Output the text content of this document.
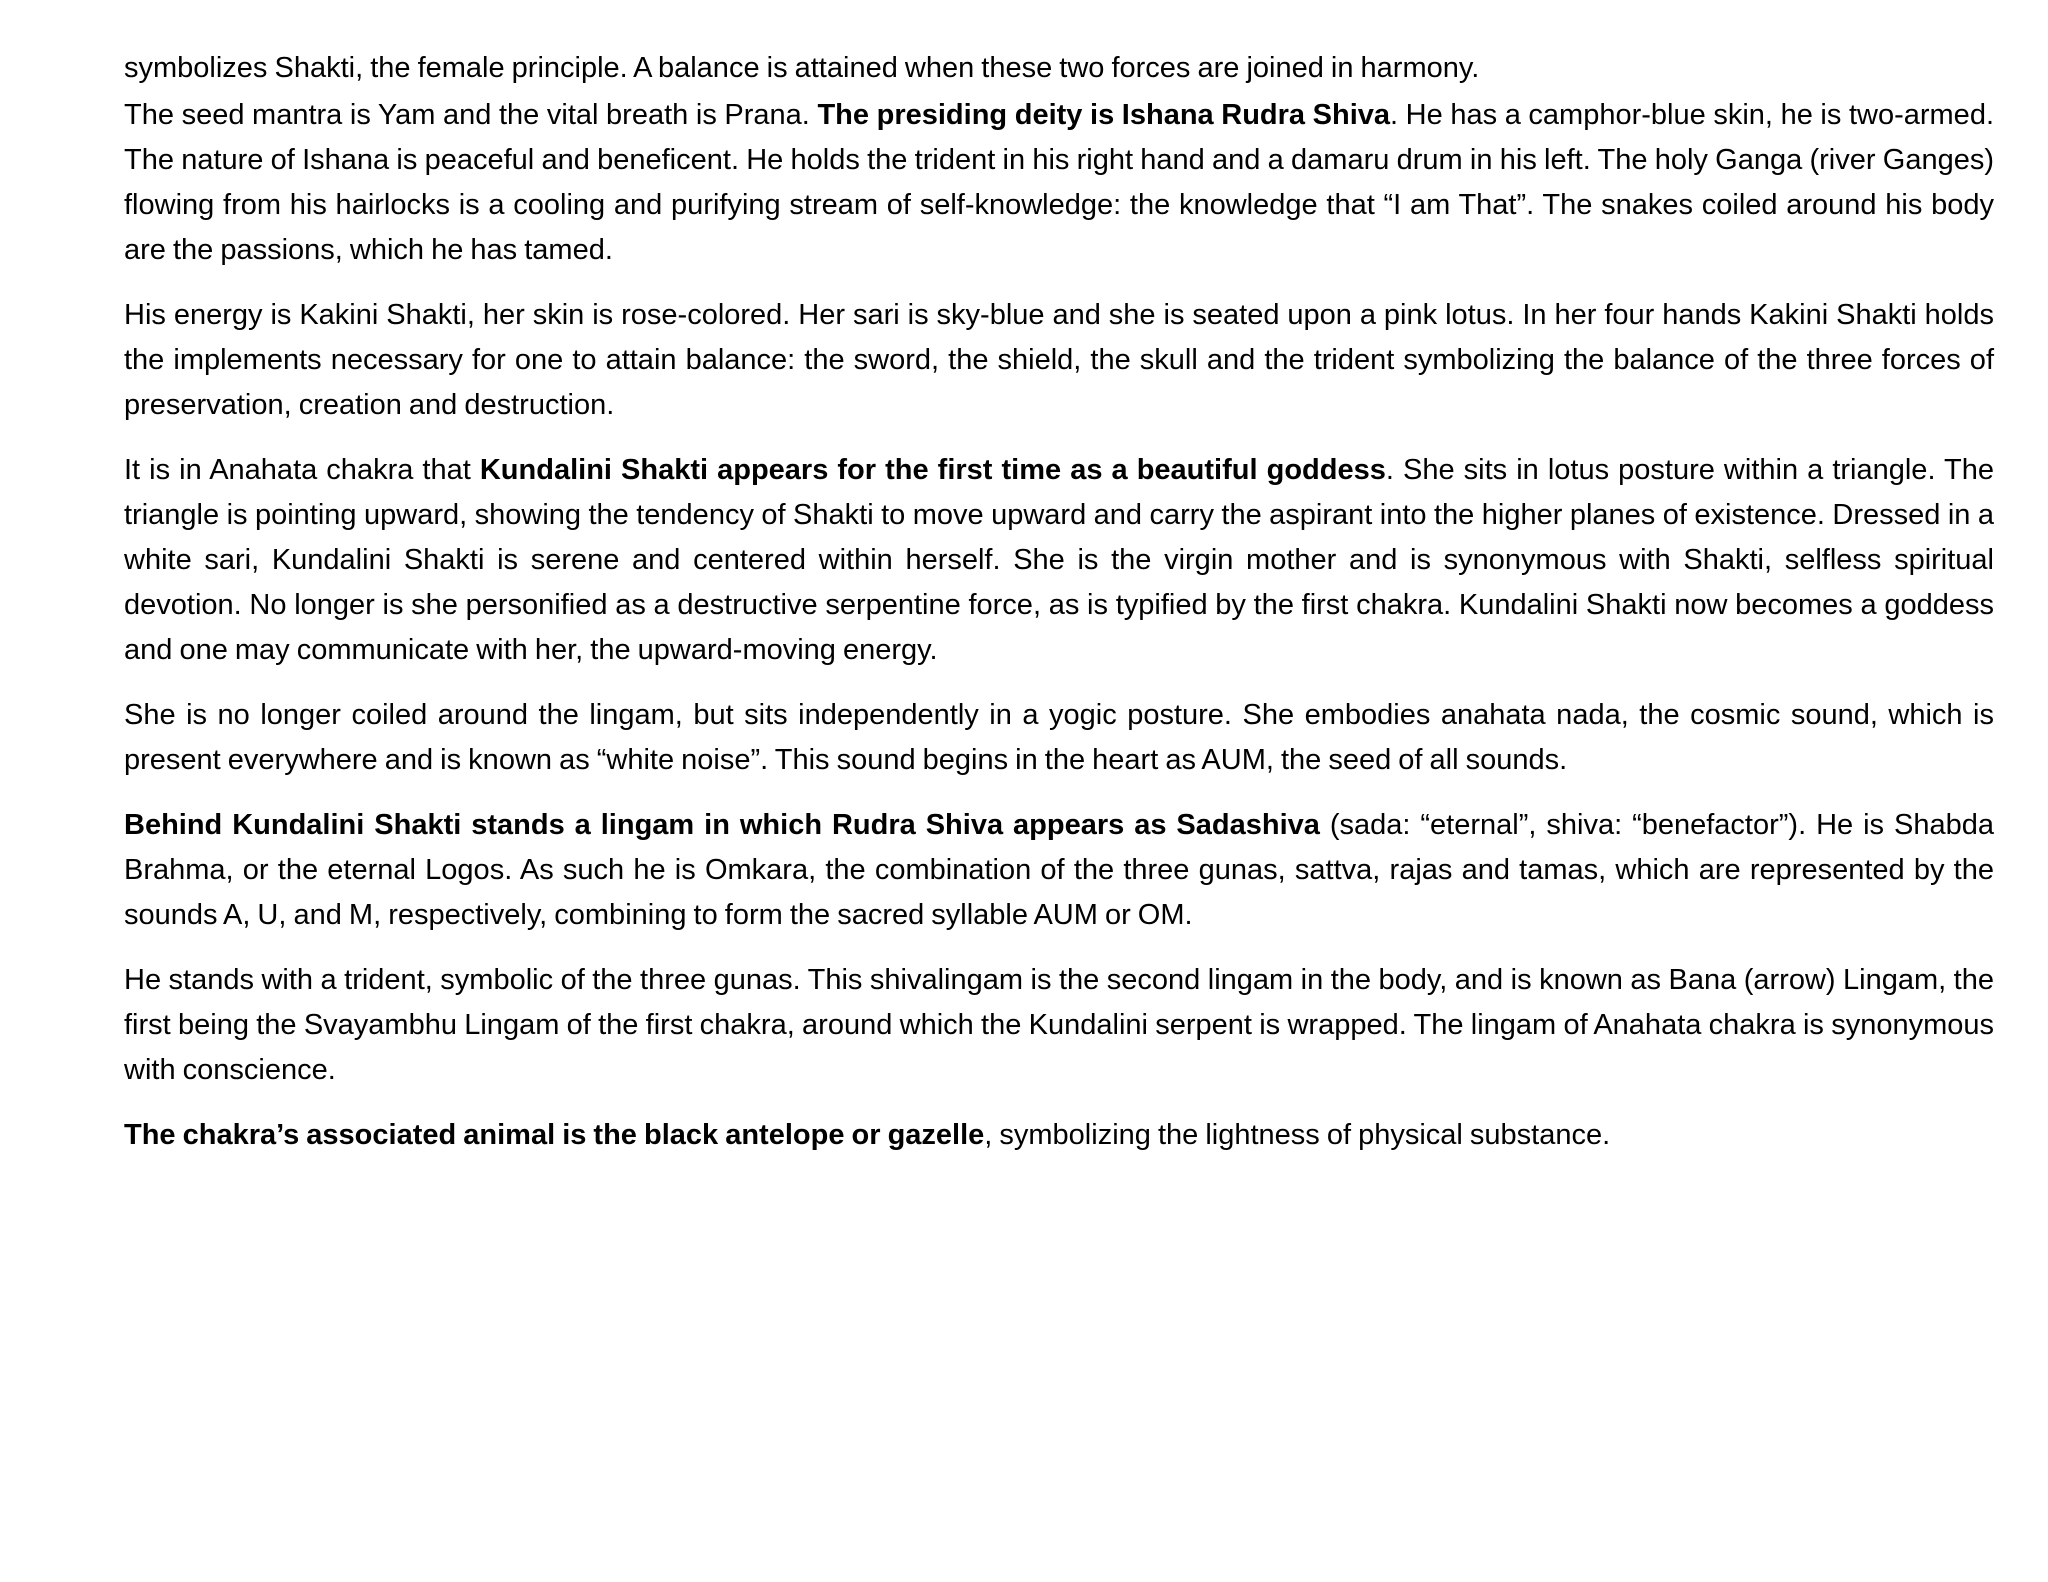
symbolizes Shakti, the female principle. A balance is attained when these two forces are joined in harmony.

The seed mantra is Yam and the vital breath is Prana. The presiding deity is Ishana Rudra Shiva. He has a camphor-blue skin, he is two-armed. The nature of Ishana is peaceful and beneficent. He holds the trident in his right hand and a damaru drum in his left. The holy Ganga (river Ganges) flowing from his hairlocks is a cooling and purifying stream of self-knowledge: the knowledge that “I am That”. The snakes coiled around his body are the passions, which he has tamed.

His energy is Kakini Shakti, her skin is rose-colored. Her sari is sky-blue and she is seated upon a pink lotus. In her four hands Kakini Shakti holds the implements necessary for one to attain balance: the sword, the shield, the skull and the trident symbolizing the balance of the three forces of preservation, creation and destruction.

It is in Anahata chakra that Kundalini Shakti appears for the first time as a beautiful goddess. She sits in lotus posture within a triangle. The triangle is pointing upward, showing the tendency of Shakti to move upward and carry the aspirant into the higher planes of existence. Dressed in a white sari, Kundalini Shakti is serene and centered within herself. She is the virgin mother and is synonymous with Shakti, selfless spiritual devotion. No longer is she personified as a destructive serpentine force, as is typified by the first chakra. Kundalini Shakti now becomes a goddess and one may communicate with her, the upward-moving energy.

She is no longer coiled around the lingam, but sits independently in a yogic posture. She embodies anahata nada, the cosmic sound, which is present everywhere and is known as “white noise”. This sound begins in the heart as AUM, the seed of all sounds.

Behind Kundalini Shakti stands a lingam in which Rudra Shiva appears as Sadashiva (sada: “eternal”, shiva: “benefactor”). He is Shabda Brahma, or the eternal Logos. As such he is Omkara, the combination of the three gunas, sattva, rajas and tamas, which are represented by the sounds A, U, and M, respectively, combining to form the sacred syllable AUM or OM.

He stands with a trident, symbolic of the three gunas. This shivalingam is the second lingam in the body, and is known as Bana (arrow) Lingam, the first being the Svayambhu Lingam of the first chakra, around which the Kundalini serpent is wrapped. The lingam of Anahata chakra is synonymous with conscience.

The chakra’s associated animal is the black antelope or gazelle, symbolizing the lightness of physical substance.
